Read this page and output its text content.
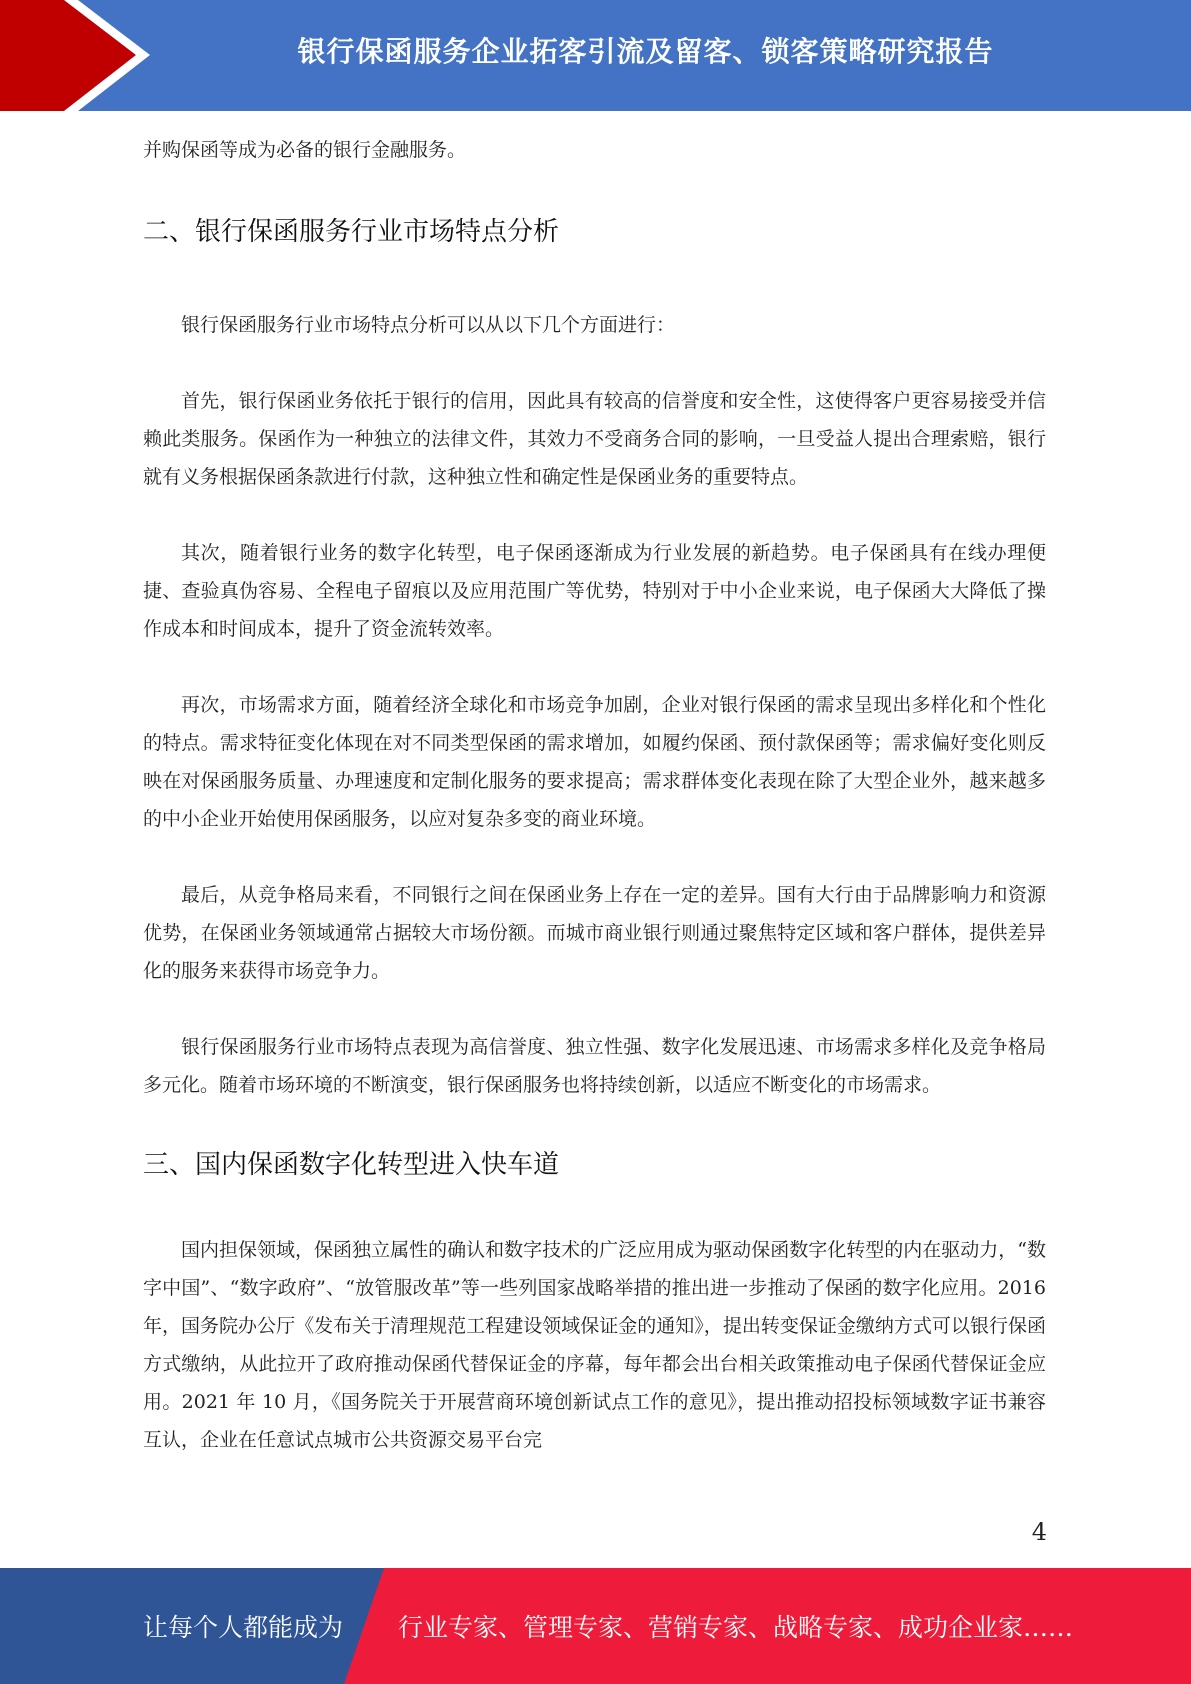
银行保函服务企业拓客引流及留客、锁客策略研究报告

并购保函等成为必备的银行金融服务。

二、银行保函服务行业市场特点分析

银行保函服务行业市场特点分析可以从以下几个方面进行：

首先，银行保函业务依托于银行的信用，因此具有较高的信誉度和安全性，这使得客户更容易接受并信赖此类服务。保函作为一种独立的法律文件，其效力不受商务合同的影响，一旦受益人提出合理索赔，银行就有义务根据保函条款进行付款，这种独立性和确定性是保函业务的重要特点。

其次，随着银行业务的数字化转型，电子保函逐渐成为行业发展的新趋势。电子保函具有在线办理便捷、查验真伪容易、全程电子留痕以及应用范围广等优势，特别对于中小企业来说，电子保函大大降低了操作成本和时间成本，提升了资金流转效率。

再次，市场需求方面，随着经济全球化和市场竞争加剧，企业对银行保函的需求呈现出多样化和个性化的特点。需求特征变化体现在对不同类型保函的需求增加，如履约保函、预付款保函等；需求偏好变化则反映在对保函服务质量、办理速度和定制化服务的要求提高；需求群体变化表现在除了大型企业外，越来越多的中小企业开始使用保函服务，以应对复杂多变的商业环境。

最后，从竞争格局来看，不同银行之间在保函业务上存在一定的差异。国有大行由于品牌影响力和资源优势，在保函业务领域通常占据较大市场份额。而城市商业银行则通过聚焦特定区域和客户群体，提供差异化的服务来获得市场竞争力。

银行保函服务行业市场特点表现为高信誉度、独立性强、数字化发展迅速、市场需求多样化及竞争格局多元化。随着市场环境的不断演变，银行保函服务也将持续创新，以适应不断变化的市场需求。

三、国内保函数字化转型进入快车道

国内担保领域，保函独立属性的确认和数字技术的广泛应用成为驱动保函数字化转型的内在驱动力，“数字中国”、“数字政府”、“放管服改革”等一些列国家战略举措的推出进一步推动了保函的数字化应用。2016 年，国务院办公厅《发布关于清理规范工程建设领域保证金的通知》，提出转变保证金缴纳方式可以银行保函方式缴纳，从此拉开了政府推动保函代替保证金的序幕，每年都会出台相关政策推动电子保函代替保证金应用。2021 年 10 月，《国务院关于开展营商环境创新试点工作的意见》，提出推动招投标领域数字证书兼容互认，企业在任意试点城市公共资源交易平台完

4
让每个人都能成为 行业专家、管理专家、营销专家、战略专家、成功企业家……
